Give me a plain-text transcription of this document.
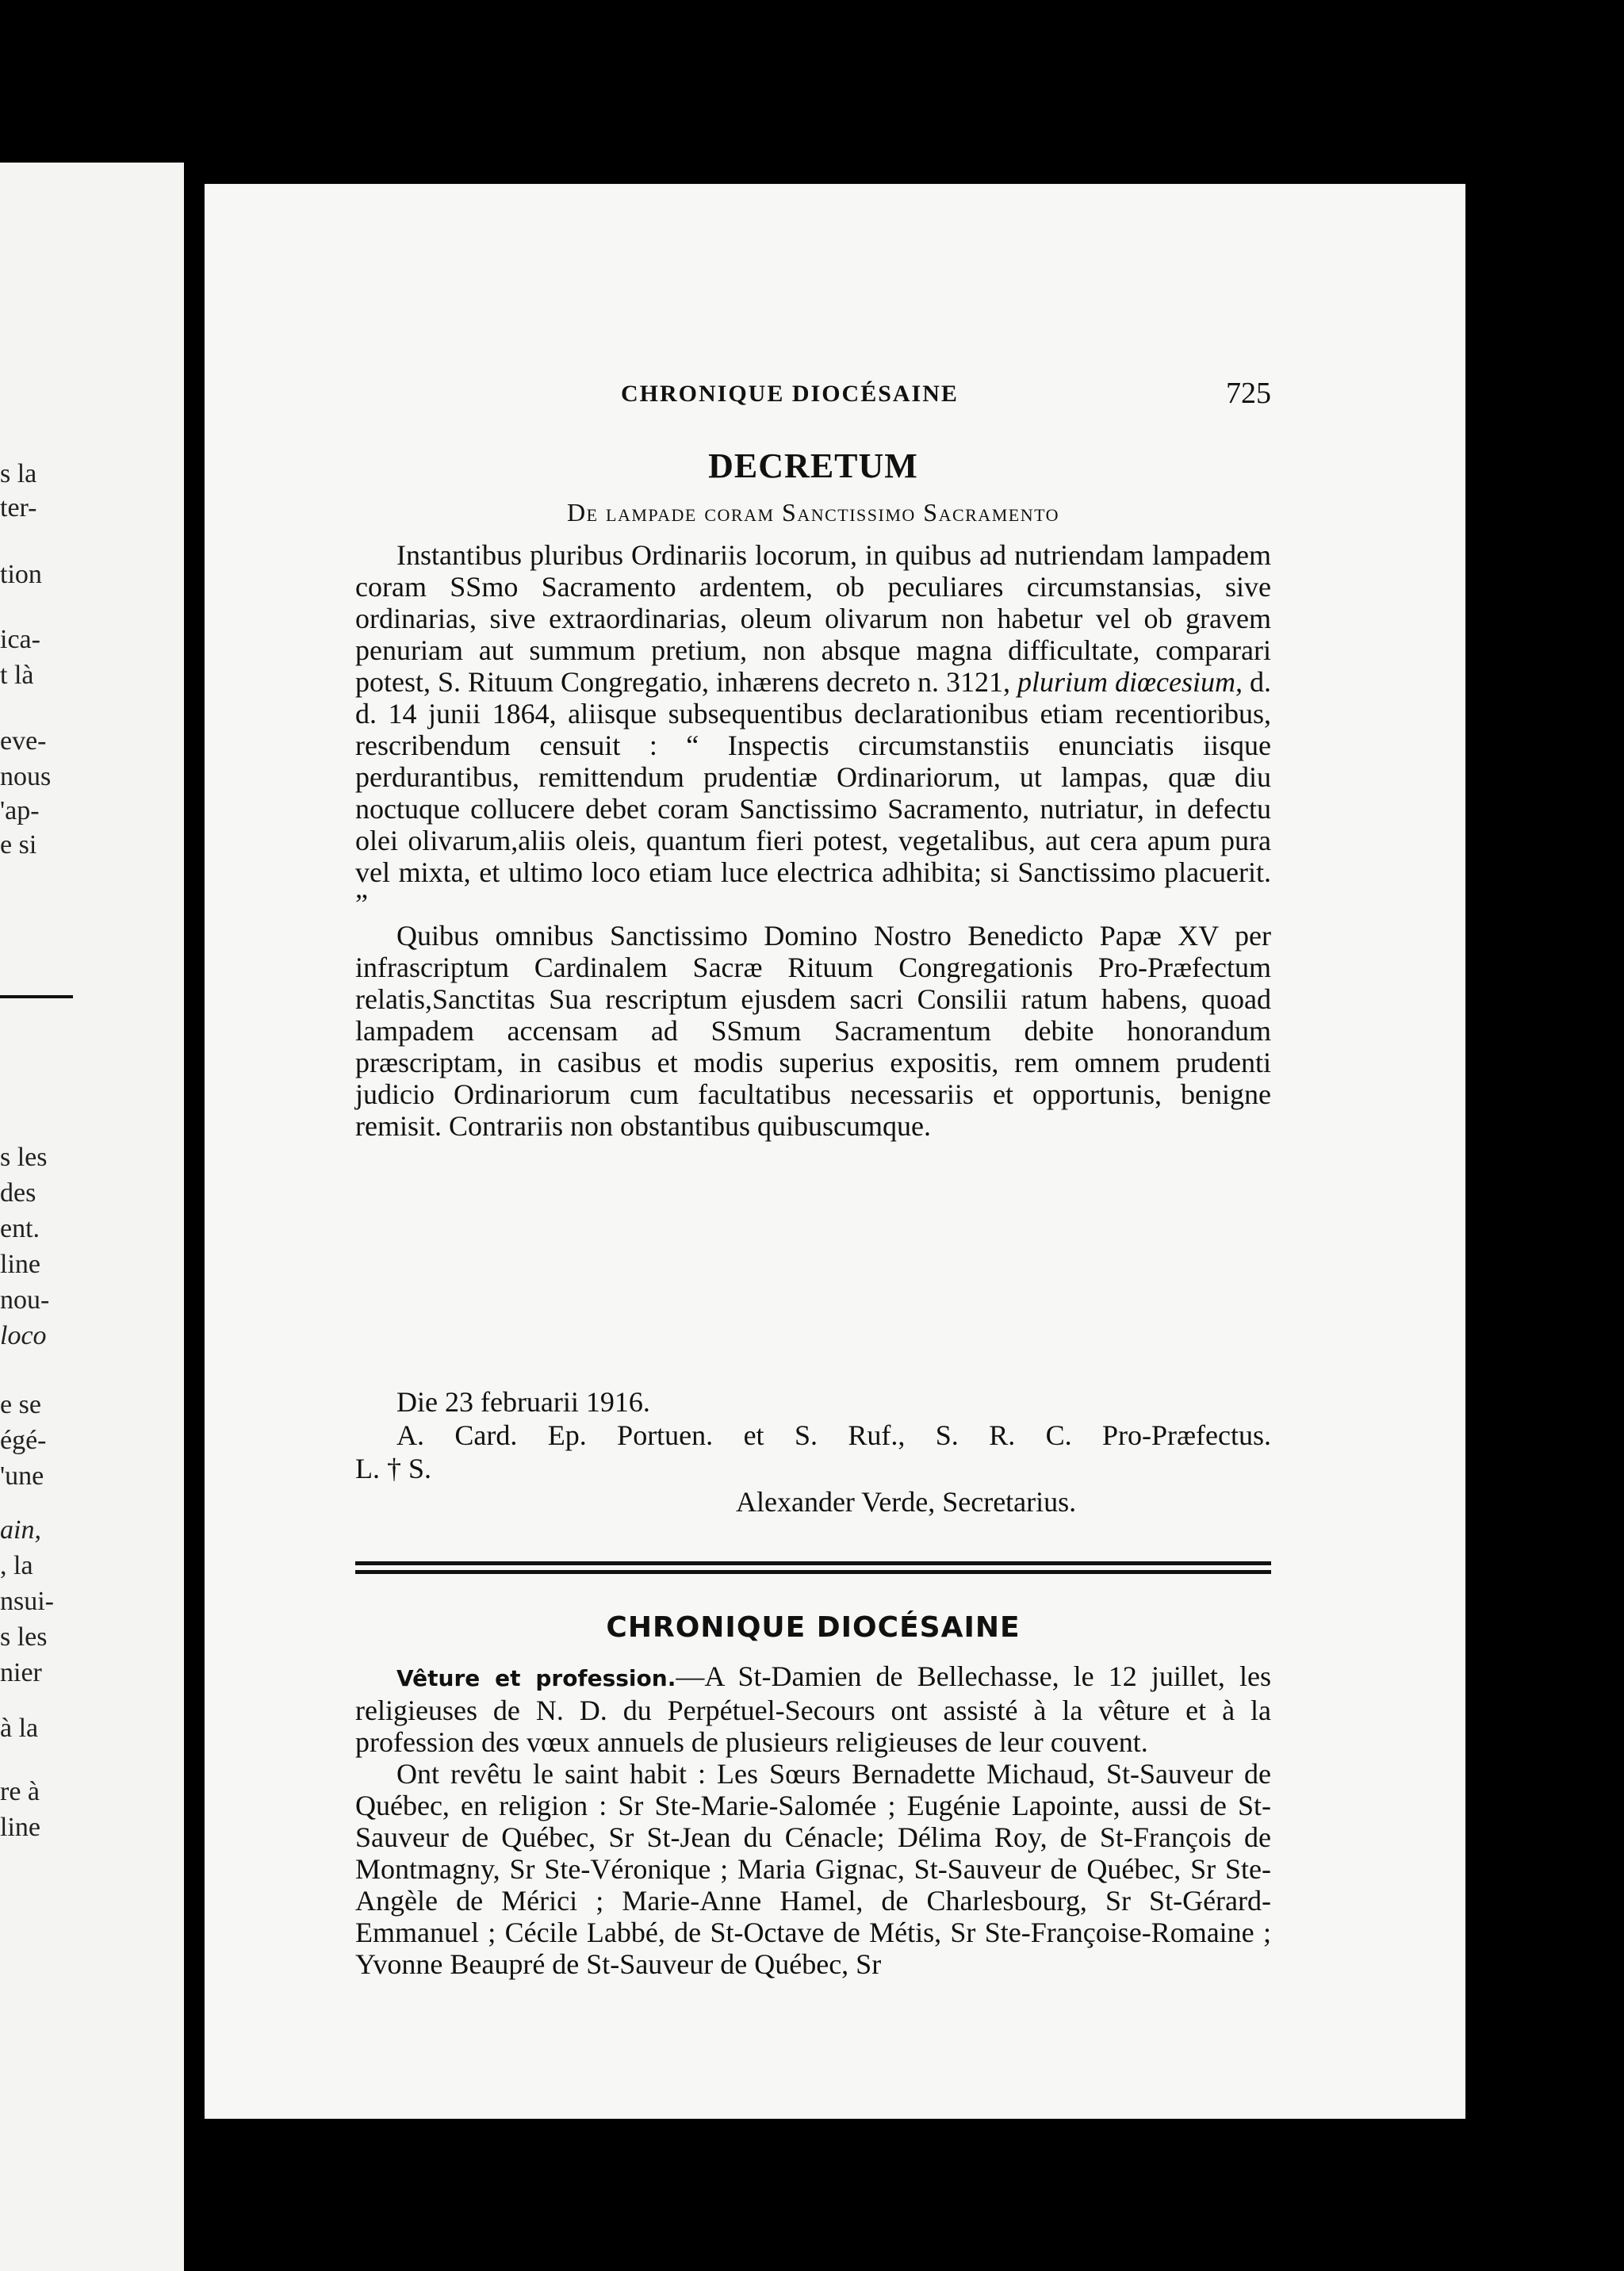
s la
ter-
tion
ica-
t là
eve-
nous
'ap-
e si
s les
des
ent.
line
nou-
loco
e se
égé-
'une
ain,
, la
nsui-
s les
nier
à la
re à
line
CHRONIQUE DIOCÉSAINE	725
DECRETUM
De lampade coram Sanctissimo Sacramento

Instantibus pluribus Ordinariis locorum, in quibus ad nutriendam lampadem coram SSmo Sacramento ardentem, ob peculiares circumstansias, sive ordinarias, sive extraordinarias, oleum olivarum non habetur vel ob gravem penuriam aut summum pretium, non absque magna difficultate, comparari potest, S. Rituum Congregatio, inhærens decreto n. 3121, plurium diœcesium, d. d. 14 junii 1864, aliisque subsequentibus declarationibus etiam recentioribus, rescribendum censuit : “ Inspectis circumstanstiis enunciatis iisque perdurantibus, remittendum prudentiæ Ordinariorum, ut lampas, quæ diu noctuque collucere debet coram Sanctissimo Sacramento, nutriatur, in defectu olei olivarum,aliis oleis, quantum fieri potest, vegetalibus, aut cera apum pura vel mixta, et ultimo loco etiam luce electrica adhibita; si Sanctissimo placuerit. ”

Quibus omnibus Sanctissimo Domino Nostro Benedicto Papæ XV per infrascriptum Cardinalem Sacræ Rituum Congregationis Pro-Præfectum relatis,Sanctitas Sua rescriptum ejusdem sacri Consilii ratum habens, quoad lampadem accensam ad SSmum Sacramentum debite honorandum præscriptam, in casibus et modis superius expositis, rem omnem prudenti judicio Ordinariorum cum facultatibus necessariis et opportunis, benigne remisit. Contrariis non obstantibus quibuscumque.

Die 23 februarii 1916.
A. Card. Ep. Portuen. et S. Ruf., S. R. C. Pro-Præfectus.
L. † S.
Alexander Verde, Secretarius.
CHRONIQUE DIOCÉSAINE

Vêture et profession.—A St-Damien de Bellechasse, le 12 juillet, les religieuses de N. D. du Perpétuel-Secours ont assisté à la vêture et à la profession des vœux annuels de plusieurs religieuses de leur couvent.

Ont revêtu le saint habit : Les Sœurs Bernadette Michaud, St-Sauveur de Québec, en religion : Sr Ste-Marie-Salomée ; Eugénie Lapointe, aussi de St-Sauveur de Québec, Sr St-Jean du Cénacle; Délima Roy, de St-François de Montmagny, Sr Ste-Véronique ; Maria Gignac, St-Sauveur de Québec, Sr Ste-Angèle de Mérici ; Marie-Anne Hamel, de Charlesbourg, Sr St-Gérard-Emmanuel ; Cécile Labbé, de St-Octave de Métis, Sr Ste-Françoise-Romaine ; Yvonne Beaupré de St-Sauveur de Québec, Sr
